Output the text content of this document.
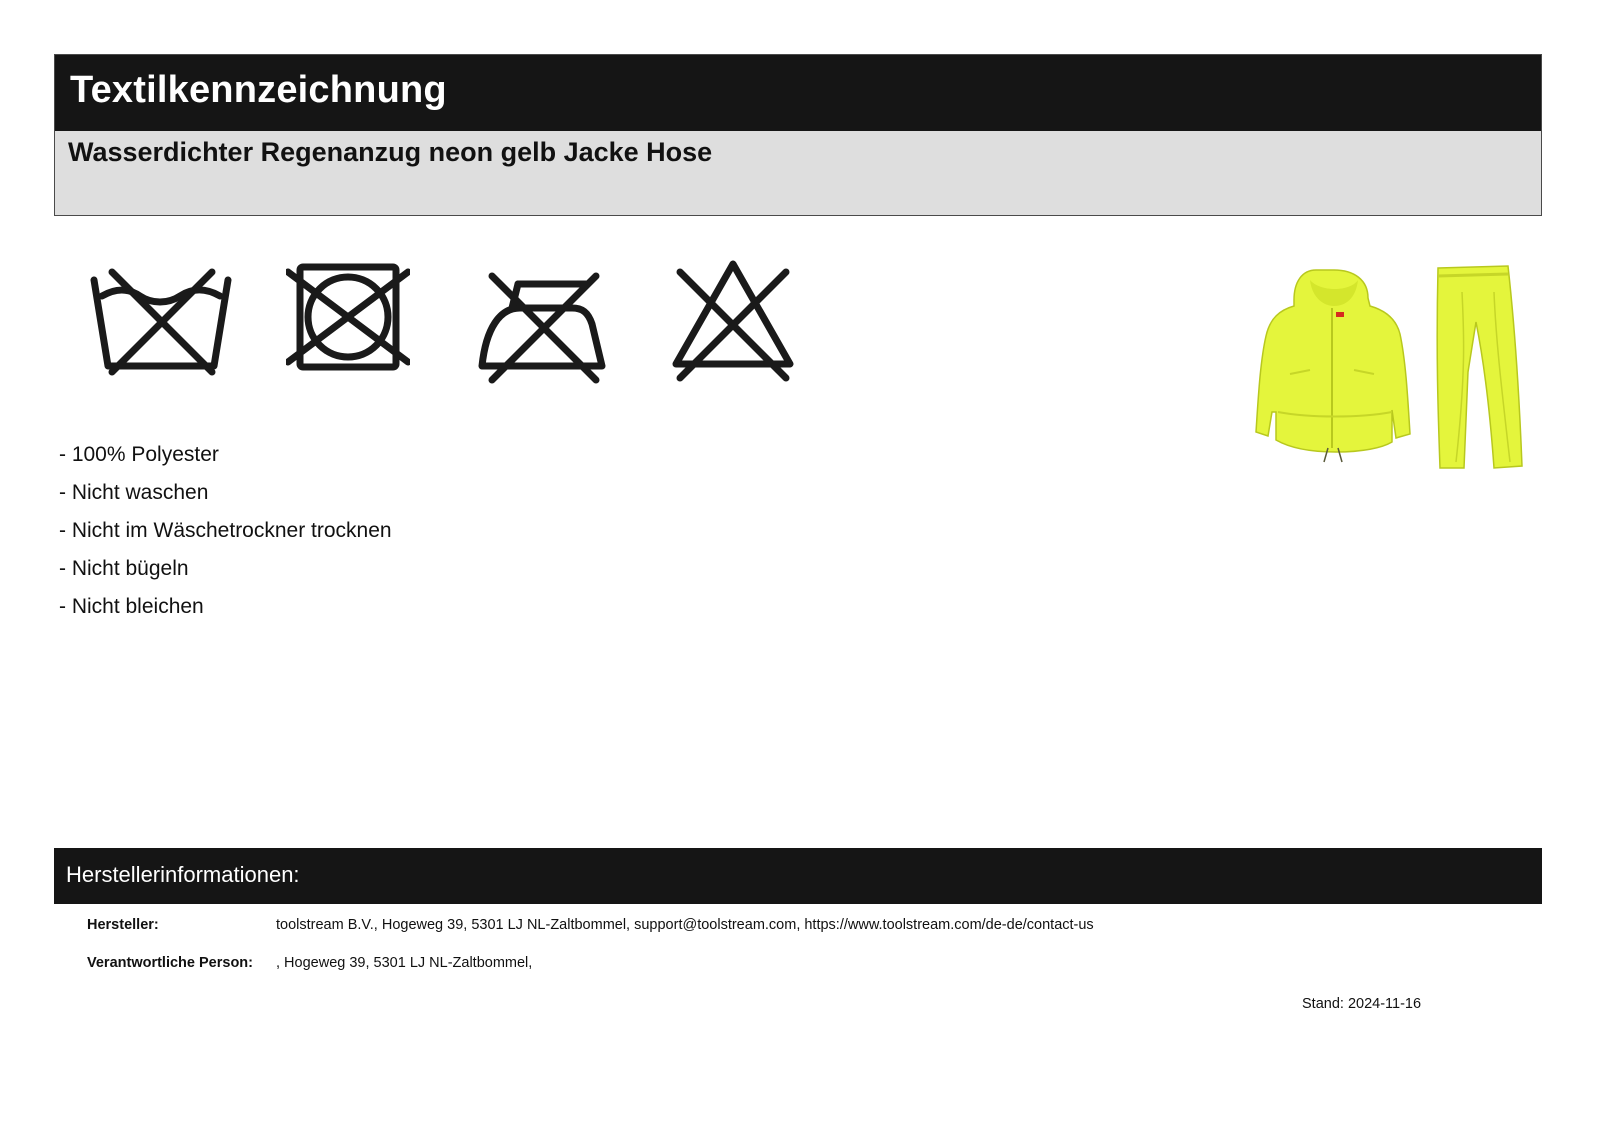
Textilkennzeichnung
Wasserdichter Regenanzug neon gelb Jacke Hose
- 100% Polyester
- Nicht waschen
- Nicht im Wäschetrockner trocknen
- Nicht bügeln
- Nicht bleichen
Herstellerinformationen:
Hersteller:	toolstream B.V., Hogeweg 39, 5301 LJ NL-Zaltbommel, support@toolstream.com, https://www.toolstream.com/de-de/contact-us
Verantwortliche Person: , Hogeweg 39, 5301 LJ NL-Zaltbommel,
Stand: 2024-11-16
